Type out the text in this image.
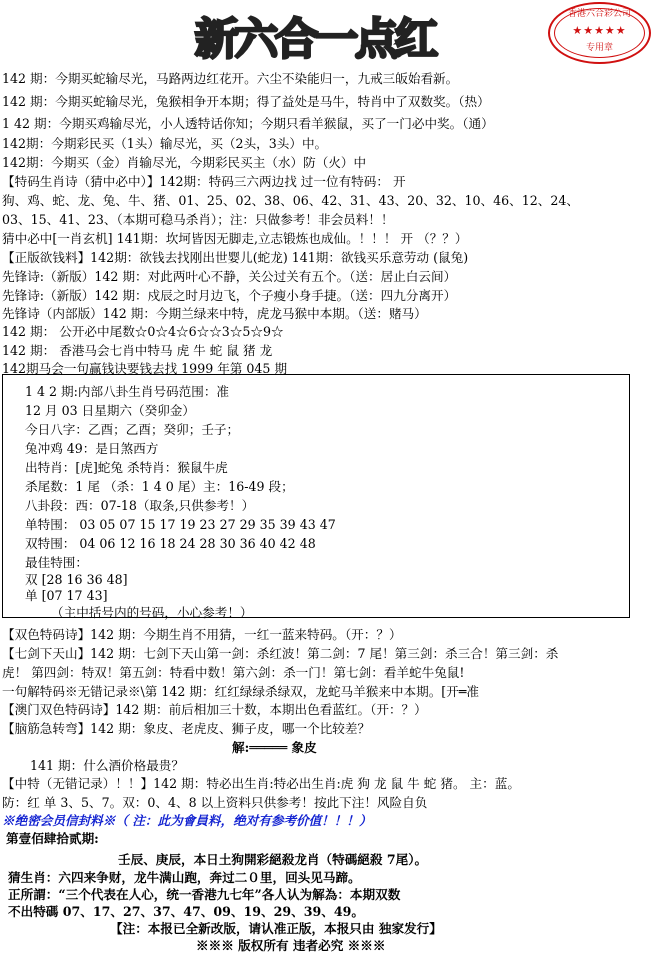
新六合一点红
香港六合彩公司
★★★★★
专用章
142 期：今期买蛇输尽光，马路两边红花开。六尘不染能归一，九戒三皈始看新。
142 期：今期买蛇输尽光，兔猴相争开本期；得了益处是马牛，特肖中了双数奖。（热）
1 42 期：今期买鸡输尽光，小人透特话你知；今期只看羊猴鼠，买了一门必中奖。（通）
142期：今期彩民买（1头）输尽光，买（2头，3头）中。
142期：今期买（金）肖输尽光，今期彩民买主（水）防（火）中
【特码生肖诗（猜中必中）】142期：特码三六两边找 过一位有特码： 开
狗、鸡、蛇、龙、兔、牛、猪、01、25、02、38、06、42、31、43、20、32、10、46、12、24、
03、15、41、23、（本期可稳马杀肖）；注：只做参考！非会员料！！
猜中必中[一肖玄机] 141期：坎坷皆因无脚走,立志锻炼也成仙。！！！ 开 （？？）
【正版欲钱料】142期：欲钱去找刚出世婴儿(蛇龙) 141期：欲钱买乐意劳动 (鼠兔)
先锋诗:（新版）142 期：对此两叶心不静，关公过关有五个。（送：居止白云间）
先锋诗:（新版）142 期：戍辰之时月边飞，个子瘦小身手捷。（送：四九分离开）
先锋诗（内部版）142 期：今期兰绿来中特，虎龙马猴中本期。（送：赌马）
142 期： 公开必中尾数☆0☆4☆6☆☆3☆5☆9☆
142 期： 香港马会七肖中特马 虎 牛 蛇 鼠 猪 龙
142期马会一句赢钱诀要钱去找 1999 年第 045 期
1 4 2 期:内部八卦生肖号码范围：准
12 月 03 日星期六（癸卯金）
今日八字：乙酉；乙酉；癸卯；壬子；
兔冲鸡 49：是日煞西方
出特肖：[虎]蛇兔 杀特肖：猴鼠牛虎
杀尾数：1 尾 （杀：1 4 0 尾）主：16-49 段；
八卦段：西：07-18（取条,只供参考！）
单特围： 03 05 07 15 17 19 23 27 29 35 39 43 47
双特围： 04 06 12 16 18 24 28 30 36 40 42 48
最佳特围：
双 [28 16 36 48]
单 [07 17 43]
（主中括号内的号码，小心参考！）
【双色特码诗】142 期：今期生肖不用猜，一红一蓝来特码。（开：？）
【七剑下天山】142 期：七剑下天山第一剑：杀红波！第二剑：7 尾！第三剑：杀三合！第三剑：杀
虎！ 第四剑：特双！第五剑：特看中数！第六剑：杀一门！第七剑：看羊蛇牛兔鼠!
一句解特码※无错记录※\第 142 期：红红绿绿杀绿双，龙蛇马羊猴来中本期。[开═准
【澳门双色特码诗】142 期：前后相加三十数，本期出色看蓝红。（开：？）
【脑筋急转弯】142 期：象皮、老虎皮、狮子皮，哪一个比较差？
解:═════ 象皮
141 期：什么酒价格最贵？
【中特（无错记录）！！】142 期：特必出生肖:特必出生肖:虎 狗 龙 鼠 牛 蛇 猪。 主：蓝。
防：红 单 3、5、7。双：0、4、8 以上资料只供参考！按此下注！风险自负
※绝密会员信封料※（ 注：此为會員料，绝对有参考价值！！！）
第壹佰肆拾贰期:
壬辰、庚辰，本日土狗開彩絕殺龙肖（特碼絕殺 7尾）。
猜生肖：六四来争财，龙牛满山跑，奔过二０里，回头见马蹄。
正所謂：“三个代表在人心，统一香港九七年”各人认为解為：本期双数
不出特碼 07、17、27、37、47、09、19、29、39、49。
【注：本报已全新改版，请认准正版，本报只由 独家发行】
※※※ 版权所有 违者必究 ※※※
